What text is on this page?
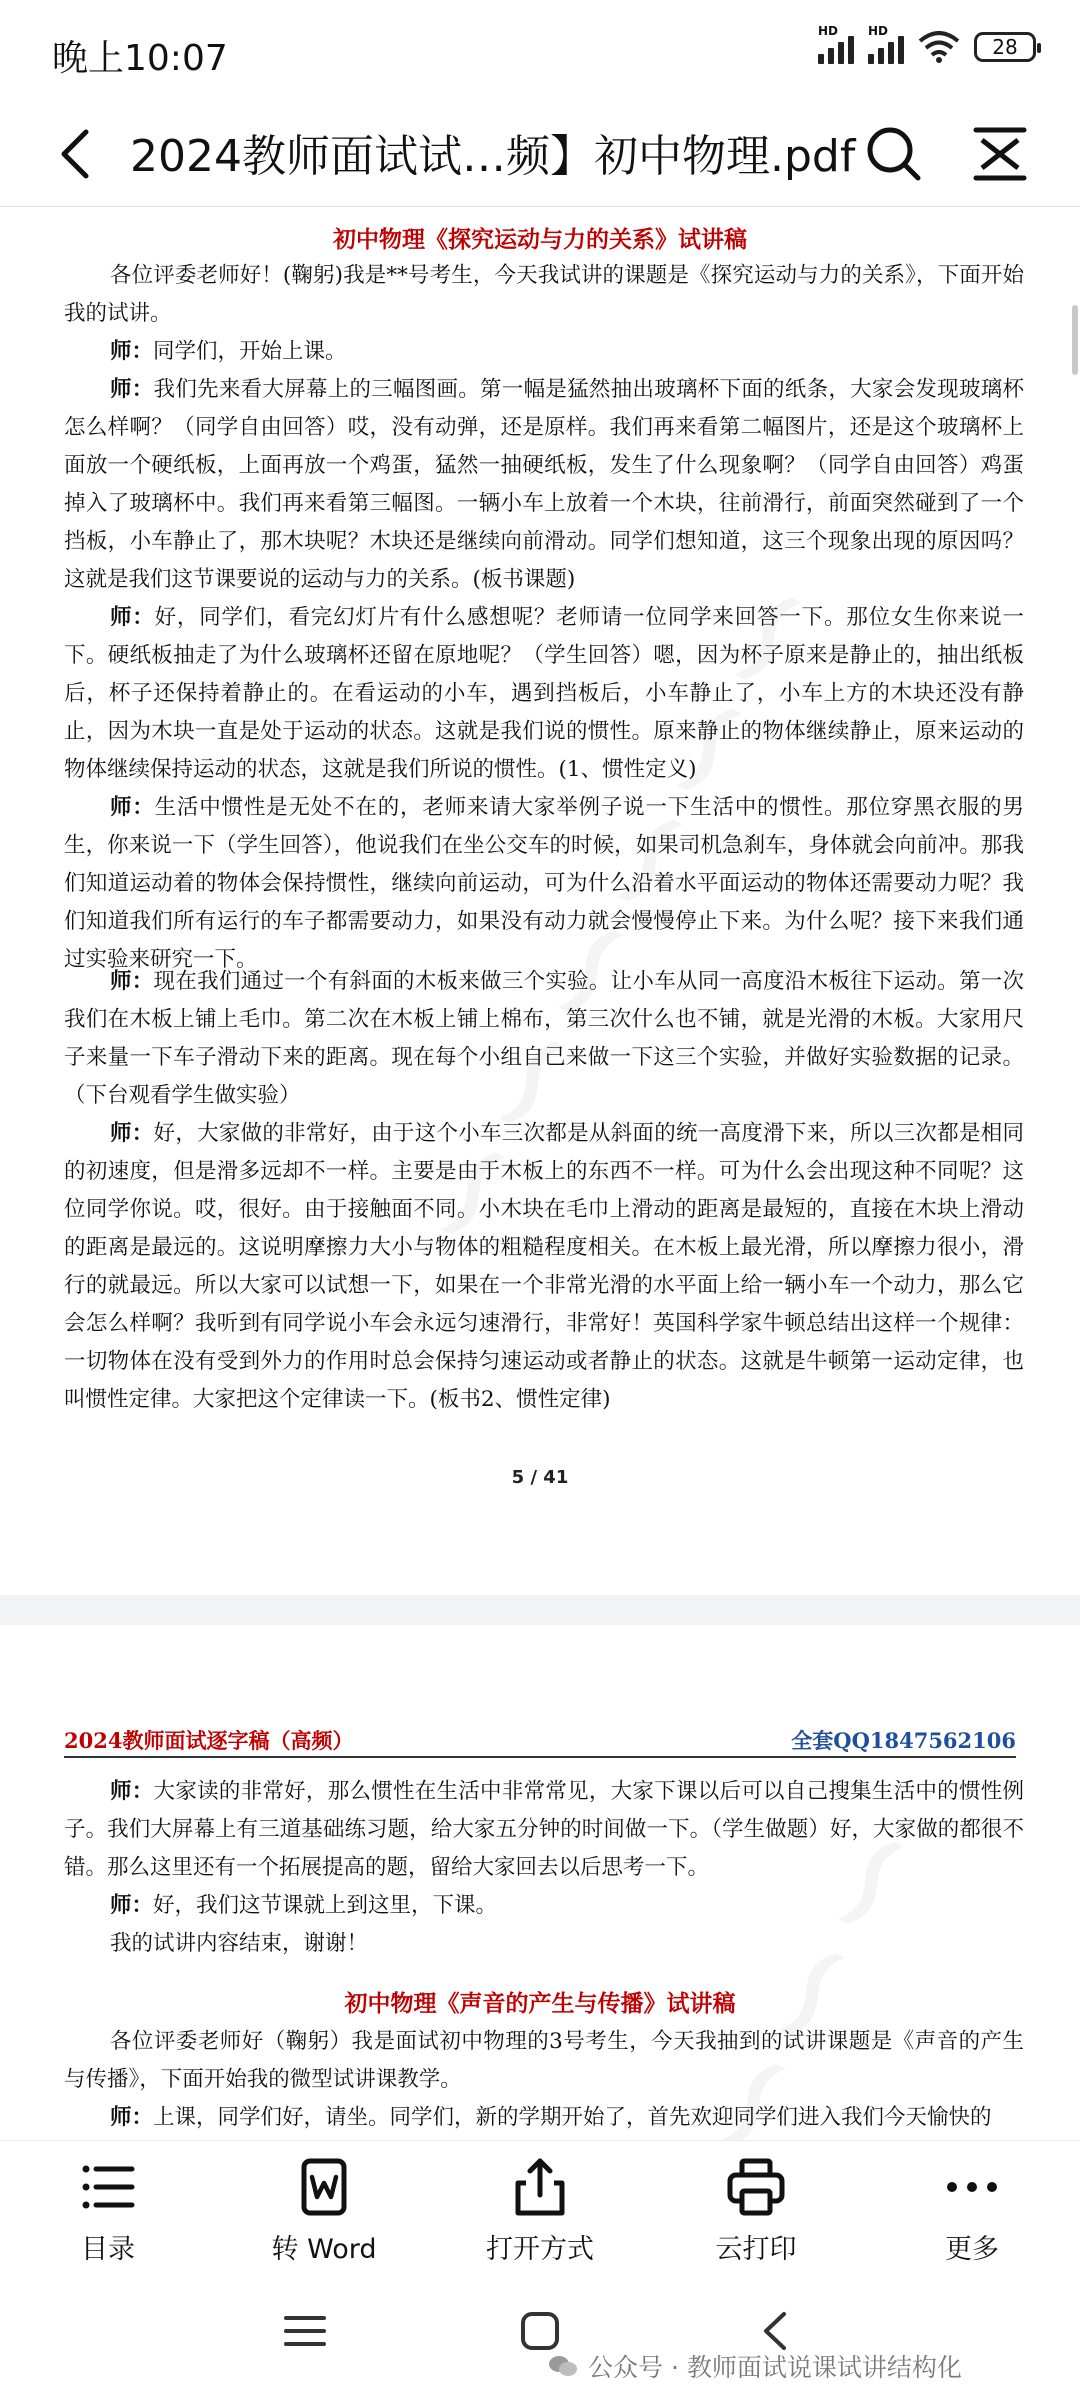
晚上10:07
HD HD
28
2024教师面试试…频】初中物理.pdf
初中物理《探究运动与力的关系》试讲稿
各位评委老师好！(鞠躬)我是**号考生，今天我试讲的课题是《探究运动与力的关系》，下面开始我的试讲。
师：同学们，开始上课。
师：我们先来看大屏幕上的三幅图画。第一幅是猛然抽出玻璃杯下面的纸条，大家会发现玻璃杯怎么样啊？（同学自由回答）哎，没有动弹，还是原样。我们再来看第二幅图片，还是这个玻璃杯上面放一个硬纸板，上面再放一个鸡蛋，猛然一抽硬纸板，发生了什么现象啊？（同学自由回答）鸡蛋掉入了玻璃杯中。我们再来看第三幅图。一辆小车上放着一个木块，往前滑行，前面突然碰到了一个挡板，小车静止了，那木块呢？木块还是继续向前滑动。同学们想知道，这三个现象出现的原因吗？这就是我们这节课要说的运动与力的关系。(板书课题)
师：好，同学们，看完幻灯片有什么感想呢？老师请一位同学来回答一下。那位女生你来说一下。硬纸板抽走了为什么玻璃杯还留在原地呢？（学生回答）嗯，因为杯子原来是静止的，抽出纸板后，杯子还保持着静止的。在看运动的小车，遇到挡板后，小车静止了，小车上方的木块还没有静止，因为木块一直是处于运动的状态。这就是我们说的惯性。原来静止的物体继续静止，原来运动的物体继续保持运动的状态，这就是我们所说的惯性。(1、惯性定义)
师：生活中惯性是无处不在的，老师来请大家举例子说一下生活中的惯性。那位穿黑衣服的男生，你来说一下（学生回答），他说我们在坐公交车的时候，如果司机急刹车，身体就会向前冲。那我们知道运动着的物体会保持惯性，继续向前运动，可为什么沿着水平面运动的物体还需要动力呢？我们知道我们所有运行的车子都需要动力，如果没有动力就会慢慢停止下来。为什么呢？接下来我们通过实验来研究一下。
师：现在我们通过一个有斜面的木板来做三个实验。让小车从同一高度沿木板往下运动。第一次我们在木板上铺上毛巾。第二次在木板上铺上棉布，第三次什么也不铺，就是光滑的木板。大家用尺子来量一下车子滑动下来的距离。现在每个小组自己来做一下这三个实验，并做好实验数据的记录。（下台观看学生做实验）
师：好，大家做的非常好，由于这个小车三次都是从斜面的统一高度滑下来，所以三次都是相同的初速度，但是滑多远却不一样。主要是由于木板上的东西不一样。可为什么会出现这种不同呢？这位同学你说。哎，很好。由于接触面不同。小木块在毛巾上滑动的距离是最短的，直接在木块上滑动的距离是最远的。这说明摩擦力大小与物体的粗糙程度相关。在木板上最光滑，所以摩擦力很小，滑行的就最远。所以大家可以试想一下，如果在一个非常光滑的水平面上给一辆小车一个动力，那么它会怎么样啊？我听到有同学说小车会永远匀速滑行，非常好！英国科学家牛顿总结出这样一个规律：一切物体在没有受到外力的作用时总会保持匀速运动或者静止的状态。这就是牛顿第一运动定律，也叫惯性定律。大家把这个定律读一下。(板书2、惯性定律)
5 / 41
2024教师面试逐字稿（高频）	全套QQ1847562106
师：大家读的非常好，那么惯性在生活中非常常见，大家下课以后可以自己搜集生活中的惯性例子。我们大屏幕上有三道基础练习题，给大家五分钟的时间做一下。（学生做题）好，大家做的都很不错。那么这里还有一个拓展提高的题，留给大家回去以后思考一下。
师：好，我们这节课就上到这里，下课。
我的试讲内容结束，谢谢！
初中物理《声音的产生与传播》试讲稿
各位评委老师好（鞠躬）我是面试初中物理的3号考生，今天我抽到的试讲课题是《声音的产生与传播》，下面开始我的微型试讲课教学。
师：上课，同学们好，请坐。同学们，新的学期开始了，首先欢迎同学们进入我们今天愉快的
目录	转 Word	打开方式	云打印	更多
公众号 · 教师面试说课试讲结构化
